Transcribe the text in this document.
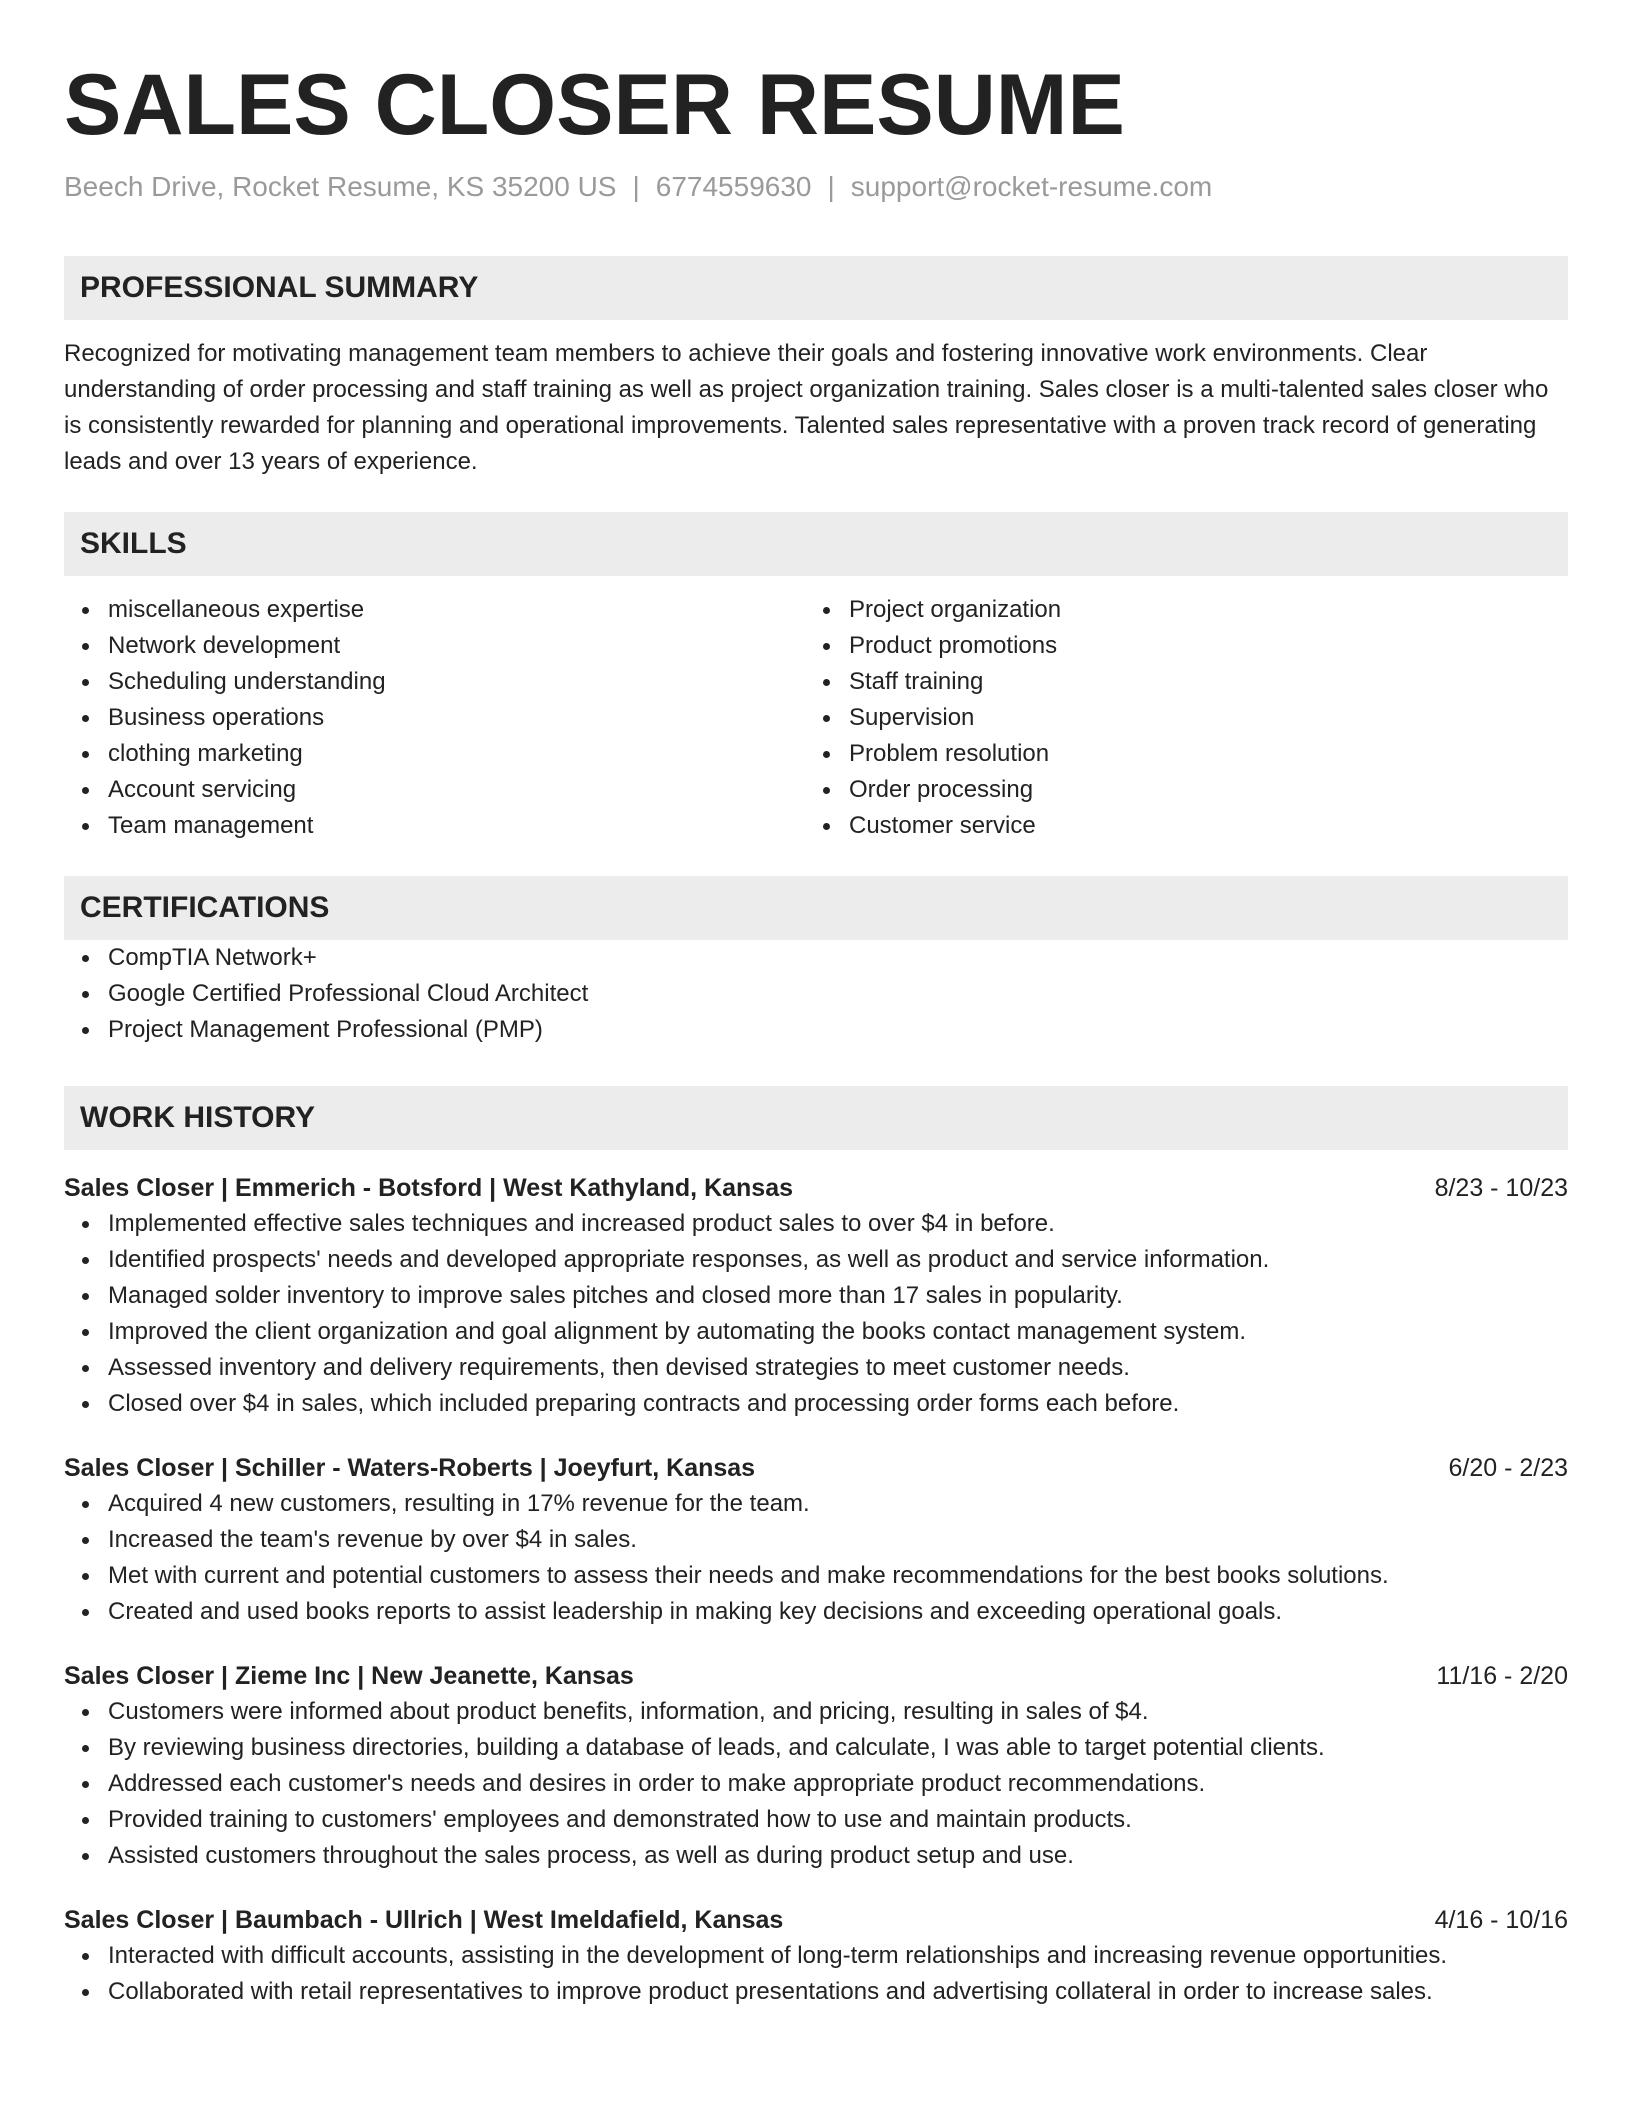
SALES CLOSER RESUME
Beech Drive, Rocket Resume, KS 35200 US | 6774559630 | support@rocket-resume.com
PROFESSIONAL SUMMARY
Recognized for motivating management team members to achieve their goals and fostering innovative work environments. Clear understanding of order processing and staff training as well as project organization training. Sales closer is a multi-talented sales closer who is consistently rewarded for planning and operational improvements. Talented sales representative with a proven track record of generating leads and over 13 years of experience.
SKILLS
miscellaneous expertise
Network development
Scheduling understanding
Business operations
clothing marketing
Account servicing
Team management
Project organization
Product promotions
Staff training
Supervision
Problem resolution
Order processing
Customer service
CERTIFICATIONS
CompTIA Network+
Google Certified Professional Cloud Architect
Project Management Professional (PMP)
WORK HISTORY
Sales Closer | Emmerich - Botsford | West Kathyland, Kansas	8/23 - 10/23
Implemented effective sales techniques and increased product sales to over $4 in before.
Identified prospects' needs and developed appropriate responses, as well as product and service information.
Managed solder inventory to improve sales pitches and closed more than 17 sales in popularity.
Improved the client organization and goal alignment by automating the books contact management system.
Assessed inventory and delivery requirements, then devised strategies to meet customer needs.
Closed over $4 in sales, which included preparing contracts and processing order forms each before.
Sales Closer | Schiller - Waters-Roberts | Joeyfurt, Kansas	6/20 - 2/23
Acquired 4 new customers, resulting in 17% revenue for the team.
Increased the team's revenue by over $4 in sales.
Met with current and potential customers to assess their needs and make recommendations for the best books solutions.
Created and used books reports to assist leadership in making key decisions and exceeding operational goals.
Sales Closer | Zieme Inc | New Jeanette, Kansas	11/16 - 2/20
Customers were informed about product benefits, information, and pricing, resulting in sales of $4.
By reviewing business directories, building a database of leads, and calculate, I was able to target potential clients.
Addressed each customer's needs and desires in order to make appropriate product recommendations.
Provided training to customers' employees and demonstrated how to use and maintain products.
Assisted customers throughout the sales process, as well as during product setup and use.
Sales Closer | Baumbach - Ullrich | West Imeldafield, Kansas	4/16 - 10/16
Interacted with difficult accounts, assisting in the development of long-term relationships and increasing revenue opportunities.
Collaborated with retail representatives to improve product presentations and advertising collateral in order to increase sales.
